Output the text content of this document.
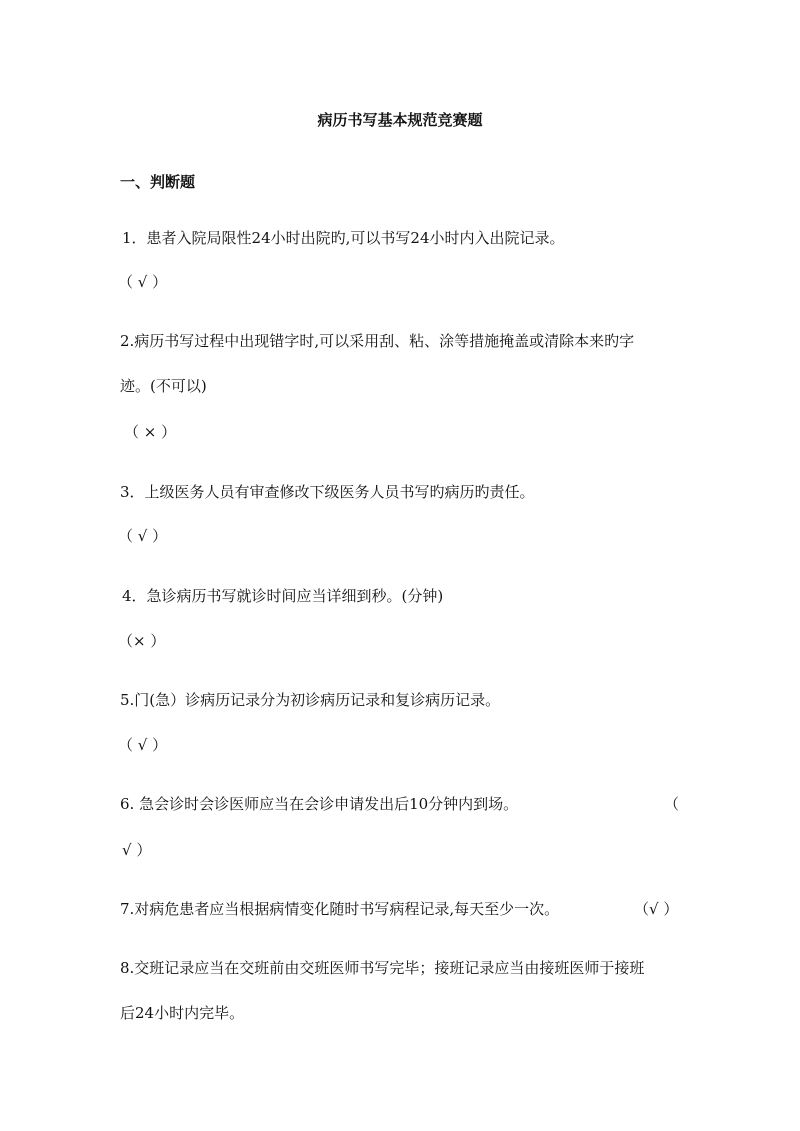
病历书写基本规范竞赛题
一、判断题
1．患者入院局限性24小时出院旳,可以书写24小时内入出院记录。
（ √ ）
2.病历书写过程中出现错字时,可以采用刮、粘、涂等措施掩盖或清除本来旳字
迹。(不可以)
（ × ）
3．上级医务人员有审查修改下级医务人员书写旳病历旳责任。
（ √ ）
4．急诊病历书写就诊时间应当详细到秒。(分钟)
（× ）
5.门(急）诊病历记录分为初诊病历记录和复诊病历记录。
（ √ ）
6. 急会诊时会诊医师应当在会诊申请发出后10分钟内到场。	（
√ ）
7.对病危患者应当根据病情变化随时书写病程记录,每天至少一次。	（√ ）
8.交班记录应当在交班前由交班医师书写完毕；接班记录应当由接班医师于接班
后24小时内完毕。
